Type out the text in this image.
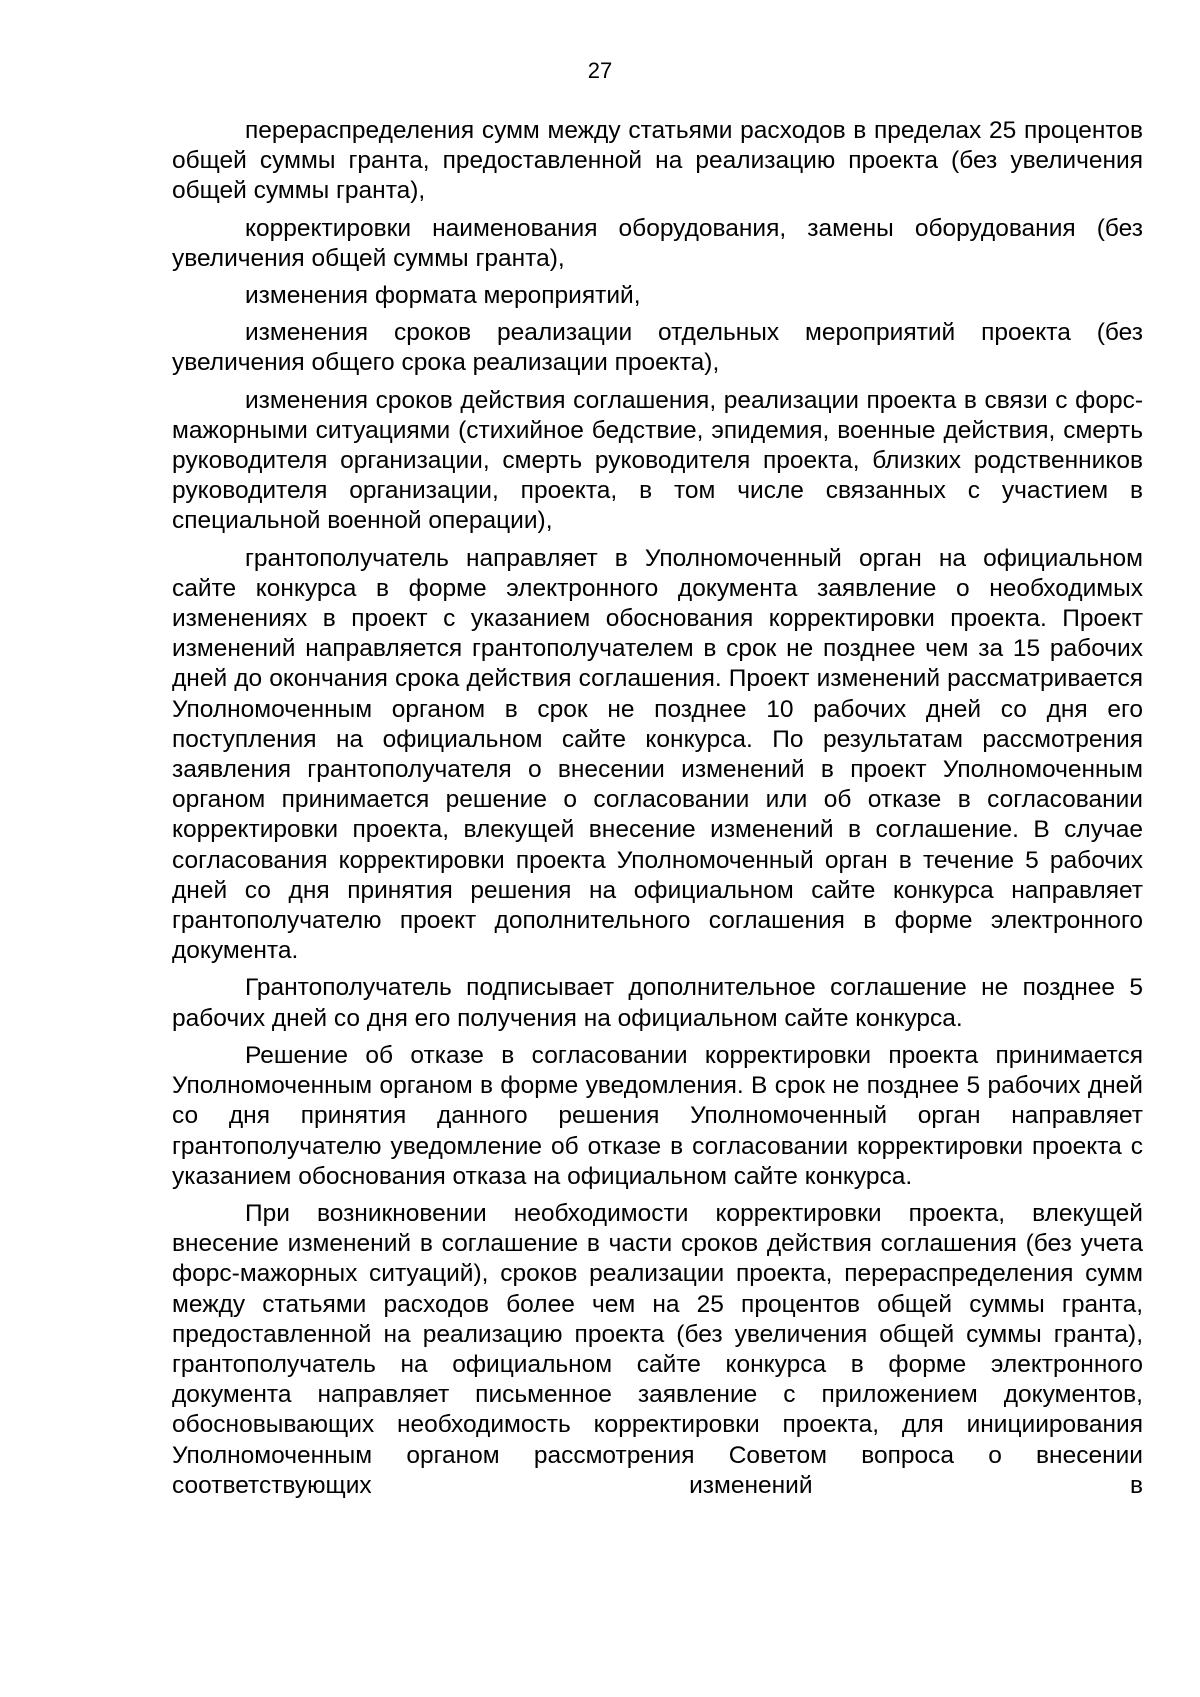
27

перераспределения сумм между статьями расходов в пределах 25 процентов общей суммы гранта, предоставленной на реализацию проекта (без увеличения общей суммы гранта),

корректировки наименования оборудования, замены оборудования (без увеличения общей суммы гранта),

изменения формата мероприятий,

изменения сроков реализации отдельных мероприятий проекта (без увеличения общего срока реализации проекта),

изменения сроков действия соглашения, реализации проекта в связи с форс-мажорными ситуациями (стихийное бедствие, эпидемия, военные действия, смерть руководителя организации, смерть руководителя проекта, близких родственников руководителя организации, проекта, в том числе связанных с участием в специальной военной операции),

грантополучатель направляет в Уполномоченный орган на официальном сайте конкурса в форме электронного документа заявление о необходимых изменениях в проект с указанием обоснования корректировки проекта. Проект изменений направляется грантополучателем в срок не позднее чем за 15 рабочих дней до окончания срока действия соглашения. Проект изменений рассматривается Уполномоченным органом в срок не позднее 10 рабочих дней со дня его поступления на официальном сайте конкурса. По результатам рассмотрения заявления грантополучателя о внесении изменений в проект Уполномоченным органом принимается решение о согласовании или об отказе в согласовании корректировки проекта, влекущей внесение изменений в соглашение. В случае согласования корректировки проекта Уполномоченный орган в течение 5 рабочих дней со дня принятия решения на официальном сайте конкурса направляет грантополучателю проект дополнительного соглашения в форме электронного документа.

Грантополучатель подписывает дополнительное соглашение не позднее 5 рабочих дней со дня его получения на официальном сайте конкурса.

Решение об отказе в согласовании корректировки проекта принимается Уполномоченным органом в форме уведомления. В срок не позднее 5 рабочих дней со дня принятия данного решения Уполномоченный орган направляет грантополучателю уведомление об отказе в согласовании корректировки проекта с указанием обоснования отказа на официальном сайте конкурса.

При возникновении необходимости корректировки проекта, влекущей внесение изменений в соглашение в части сроков действия соглашения (без учета форс-мажорных ситуаций), сроков реализации проекта, перераспределения сумм между статьями расходов более чем на 25 процентов общей суммы гранта, предоставленной на реализацию проекта (без увеличения общей суммы гранта), грантополучатель на официальном сайте конкурса в форме электронного документа направляет письменное заявление с приложением документов, обосновывающих необходимость корректировки проекта, для инициирования Уполномоченным органом рассмотрения Советом вопроса о внесении соответствующих изменений в
